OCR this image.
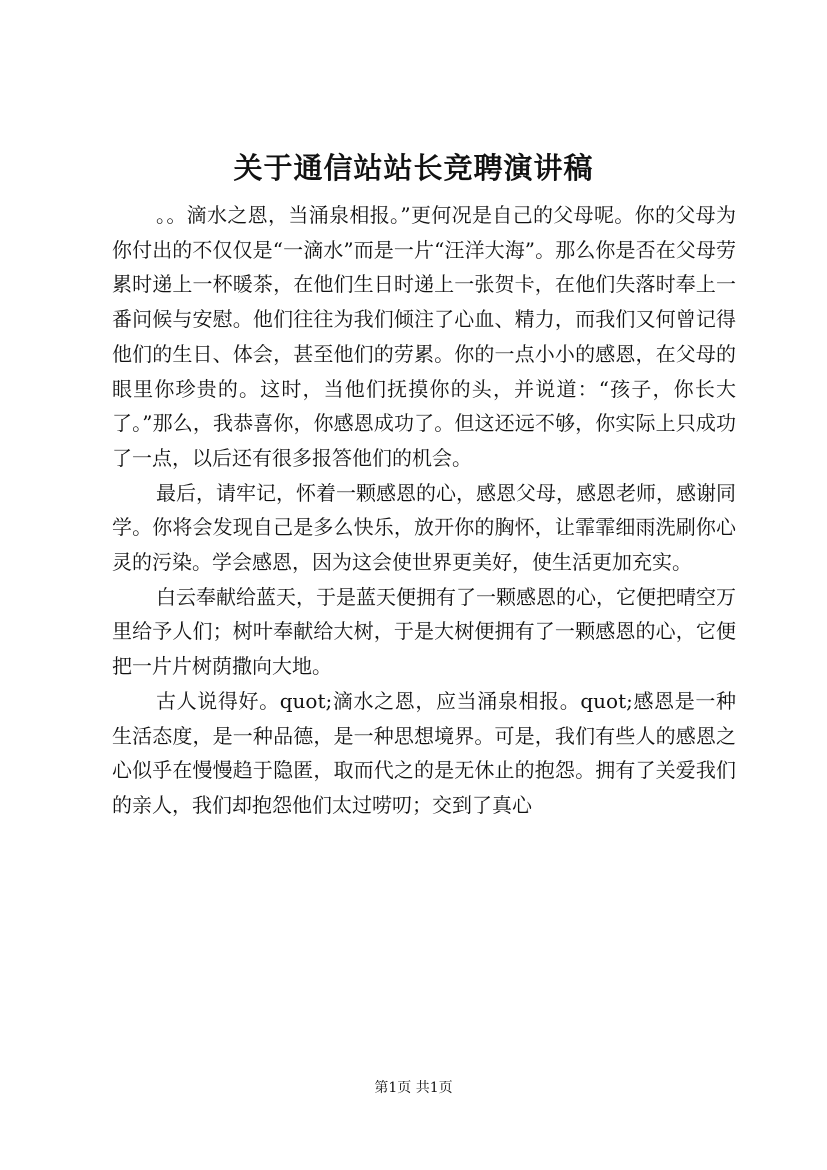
关于通信站站长竞聘演讲稿

。。滴水之恩，当涌泉相报。”更何况是自己的父母呢。你的父母为你付出的不仅仅是“一滴水”而是一片“汪洋大海”。那么你是否在父母劳累时递上一杯暖茶，在他们生日时递上一张贺卡，在他们失落时奉上一番问候与安慰。他们往往为我们倾注了心血、精力，而我们又何曾记得他们的生日、体会，甚至他们的劳累。你的一点小小的感恩，在父母的眼里你珍贵的。这时，当他们抚摸你的头，并说道：“孩子，你长大了。”那么，我恭喜你，你感恩成功了。但这还远不够，你实际上只成功了一点，以后还有很多报答他们的机会。

最后，请牢记，怀着一颗感恩的心，感恩父母，感恩老师，感谢同学。你将会发现自己是多么快乐，放开你的胸怀，让霏霏细雨洗刷你心灵的污染。学会感恩，因为这会使世界更美好，使生活更加充实。

白云奉献给蓝天，于是蓝天便拥有了一颗感恩的心，它便把晴空万里给予人们；树叶奉献给大树，于是大树便拥有了一颗感恩的心，它便把一片片树荫撒向大地。

古人说得好。quot;滴水之恩，应当涌泉相报。quot;感恩是一种生活态度，是一种品德，是一种思想境界。可是，我们有些人的感恩之心似乎在慢慢趋于隐匿，取而代之的是无休止的抱怨。拥有了关爱我们的亲人，我们却抱怨他们太过唠叨；交到了真心

第1页 共1页
